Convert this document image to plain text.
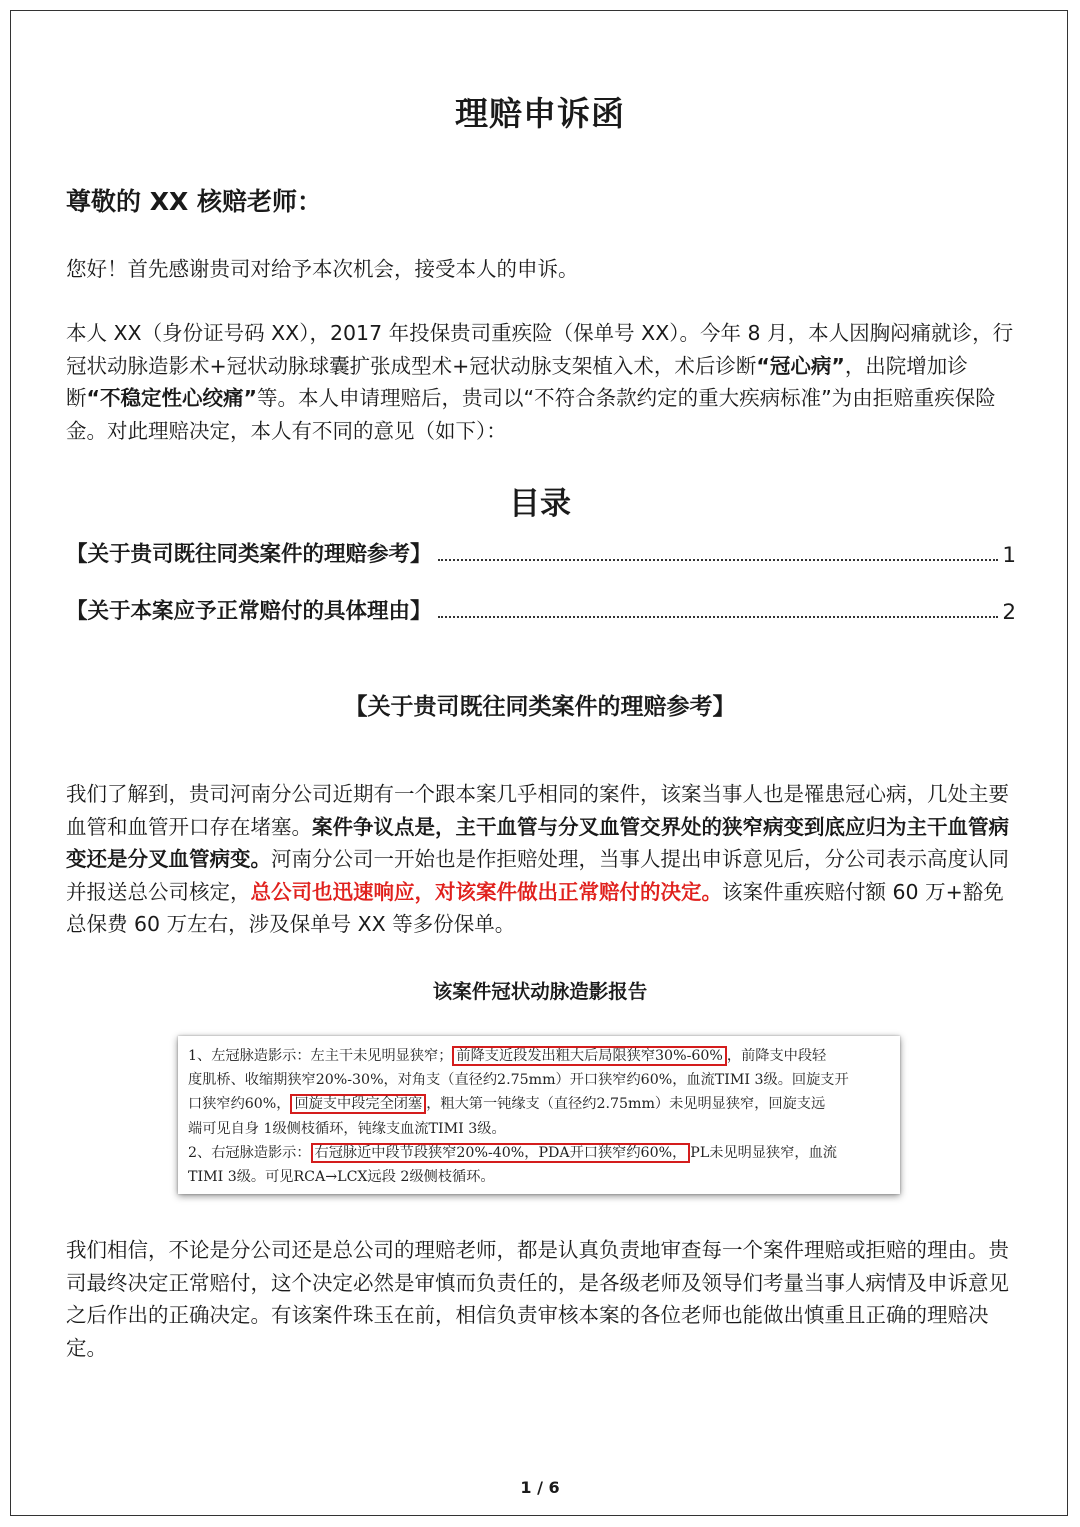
理赔申诉函
尊敬的 XX 核赔老师：
您好！首先感谢贵司对给予本次机会，接受本人的申诉。
本人 XX（身份证号码 XX），2017 年投保贵司重疾险（保单号 XX）。今年 8 月，本人因胸闷痛就诊，行冠状动脉造影术+冠状动脉球囊扩张成型术+冠状动脉支架植入术，术后诊断“冠心病”，出院增加诊断“不稳定性心绞痛”等。本人申请理赔后，贵司以“不符合条款约定的重大疾病标准”为由拒赔重疾保险金。对此理赔决定，本人有不同的意见（如下）：
目录
【关于贵司既往同类案件的理赔参考】	1
【关于本案应予正常赔付的具体理由】	2
【关于贵司既往同类案件的理赔参考】
我们了解到，贵司河南分公司近期有一个跟本案几乎相同的案件，该案当事人也是罹患冠心病，几处主要血管和血管开口存在堵塞。案件争议点是，主干血管与分叉血管交界处的狭窄病变到底应归为主干血管病变还是分叉血管病变。河南分公司一开始也是作拒赔处理，当事人提出申诉意见后，分公司表示高度认同并报送总公司核定，总公司也迅速响应，对该案件做出正常赔付的决定。该案件重疾赔付额 60 万+豁免总保费 60 万左右，涉及保单号 XX 等多份保单。
该案件冠状动脉造影报告
1、左冠脉造影示：左主干未见明显狭窄； 前降支近段发出粗大后局限狭窄30%-60% ，前降支中段轻
度肌桥、收缩期狭窄20%-30%，对角支（直径约2.75mm）开口狭窄约60%，血流TIMI 3级。回旋支开
口狭窄约60%， 回旋支中段完全闭塞 ，粗大第一钝缘支（直径约2.75mm）未见明显狭窄，回旋支远
端可见自身 1级侧枝循环，钝缘支血流TIMI 3级。
2、右冠脉造影示： 右冠脉近中段节段狭窄20%-40%，PDA开口狭窄约60%， PL未见明显狭窄，血流
TIMI 3级。可见RCA→LCX远段 2级侧枝循环。
我们相信，不论是分公司还是总公司的理赔老师，都是认真负责地审查每一个案件理赔或拒赔的理由。贵司最终决定正常赔付，这个决定必然是审慎而负责任的，是各级老师及领导们考量当事人病情及申诉意见之后作出的正确决定。有该案件珠玉在前，相信负责审核本案的各位老师也能做出慎重且正确的理赔决定。
1 / 6
